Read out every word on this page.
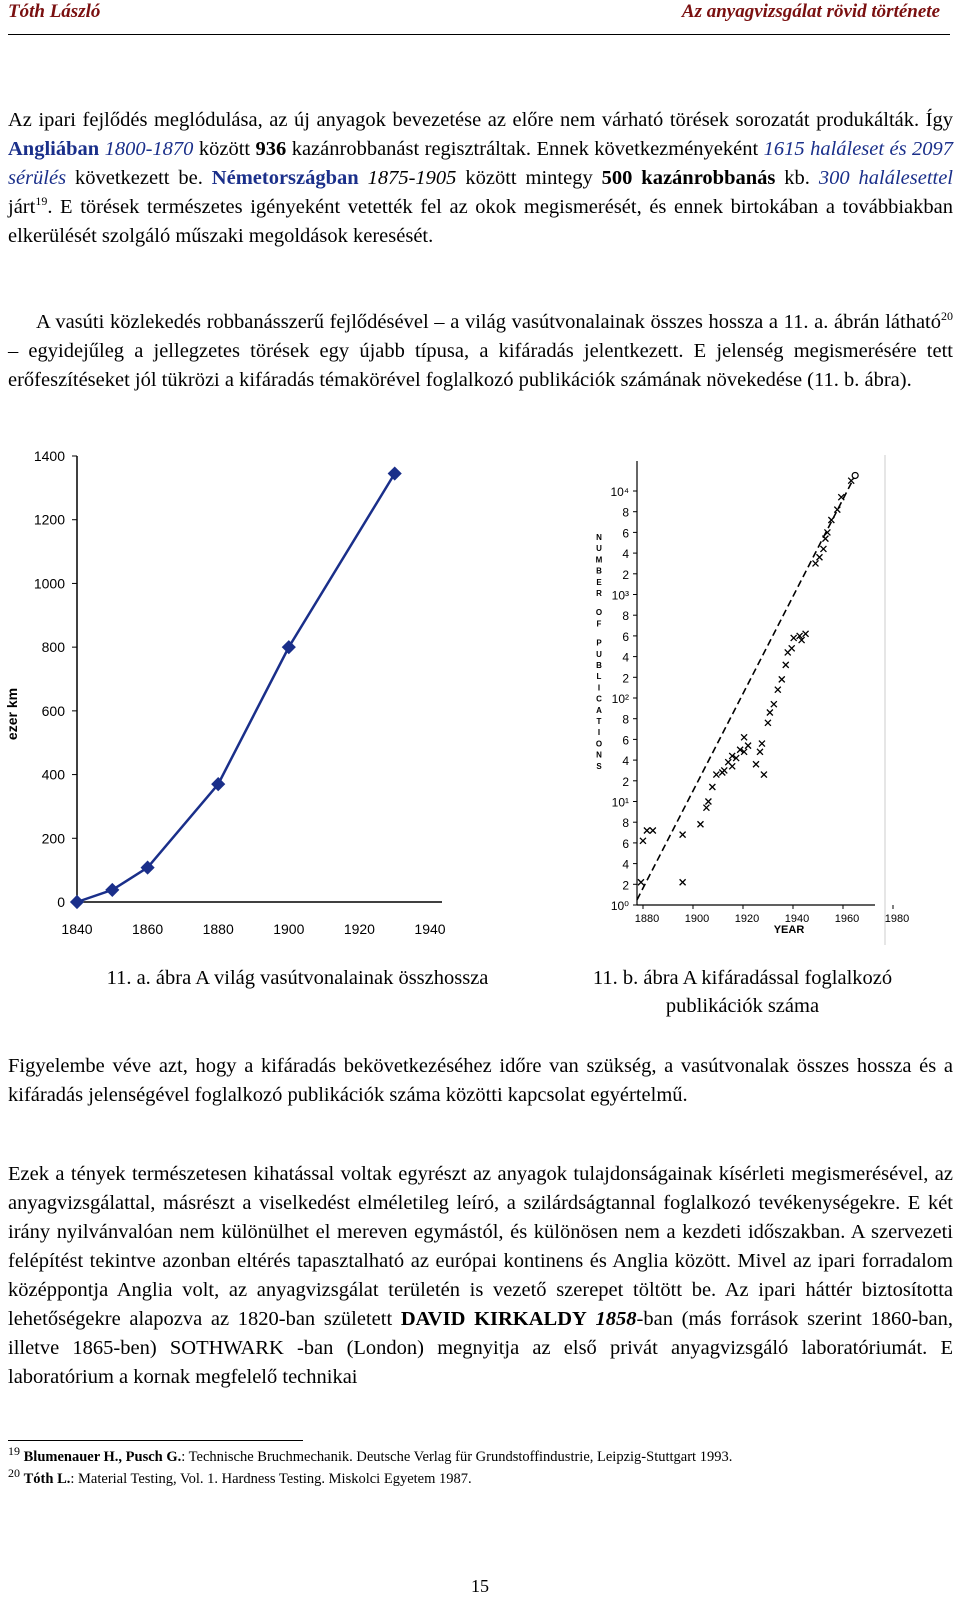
Tóth László	Az anyagvizsgálat rövid története

Az ipari fejlődés meglódulása, az új anyagok bevezetése az előre nem várható törések sorozatát produkálták. Így Angliában 1800-1870 között 936 kazánrobbanást regisztráltak. Ennek következményeként 1615 haláleset és 2097 sérülés következett be. Németországban 1875-1905 között mintegy 500 kazánrobbanás kb. 300 halálesettel járt$^{19}$. E törések természetes igényeként vetették fel az okok megismerését, és ennek birtokában a továbbiakban elkerülését szolgáló műszaki megoldások keresését.

A vasúti közlekedés robbanásszerű fejlődésével – a világ vasútvonalainak összes hossza a 11. a. ábrán látható$^{20}$ – egyidejűleg a jellegzetes törések egy újabb típusa, a kifáradás jelentkezett. E jelenség megismerésére tett erőfeszítéseket jól tükrözi a kifáradás témakörével foglalkozó publikációk számának növekedése (11. b. ábra).

0
200
400
600
800
1000
1200
1400
1840	1860	1880	1900	1920	1940
ezer km
10⁴
8
6
4
2
10³
8
6
4
2
10²
8
6
4
2
10¹
8
6
4
2
10⁰
N
U
M
B
E
R
O
F
P
U
B
L
I
C
A
T
I
O
N
S
1880 1900 1920 1940 1960 1980
YEAR
11. a. ábra A világ vasútvonalainak összhossza	11. b. ábra A kifáradással foglalkozó
publikációk száma

Figyelembe véve azt, hogy a kifáradás bekövetkezéséhez időre van szükség, a vasútvonalak összes hossza és a kifáradás jelenségével foglalkozó publikációk száma közötti kapcsolat egyértelmű.

Ezek a tények természetesen kihatással voltak egyrészt az anyagok tulajdonságainak kísérleti megismerésével, az anyagvizsgálattal, másrészt a viselkedést elméletileg leíró, a szilárdságtannal foglalkozó tevékenységekre. E két irány nyilvánvalóan nem különülhet el mereven egymástól, és különösen nem a kezdeti időszakban. A szervezeti felépítést tekintve azonban eltérés tapasztalható az európai kontinens és Anglia között. Mivel az ipari forradalom középpontja Anglia volt, az anyagvizsgálat területén is vezető szerepet töltött be. Az ipari háttér biztosította lehetőségekre alapozva az 1820-ban született DAVID KIRKALDY 1858-ban (más források szerint 1860-ban, illetve 1865-ben) SOTHWARK -ban (London) megnyitja az első privát anyagvizsgáló laboratóriumát. E laboratórium a kornak megfelelő technikai

$^{19}$ Blumenauer H., Pusch G.: Technische Bruchmechanik. Deutsche Verlag für Grundstoffindustrie, Leipzig-Stuttgart 1993.
$^{20}$ Tóth L.: Material Testing, Vol. 1. Hardness Testing. Miskolci Egyetem 1987.
15
